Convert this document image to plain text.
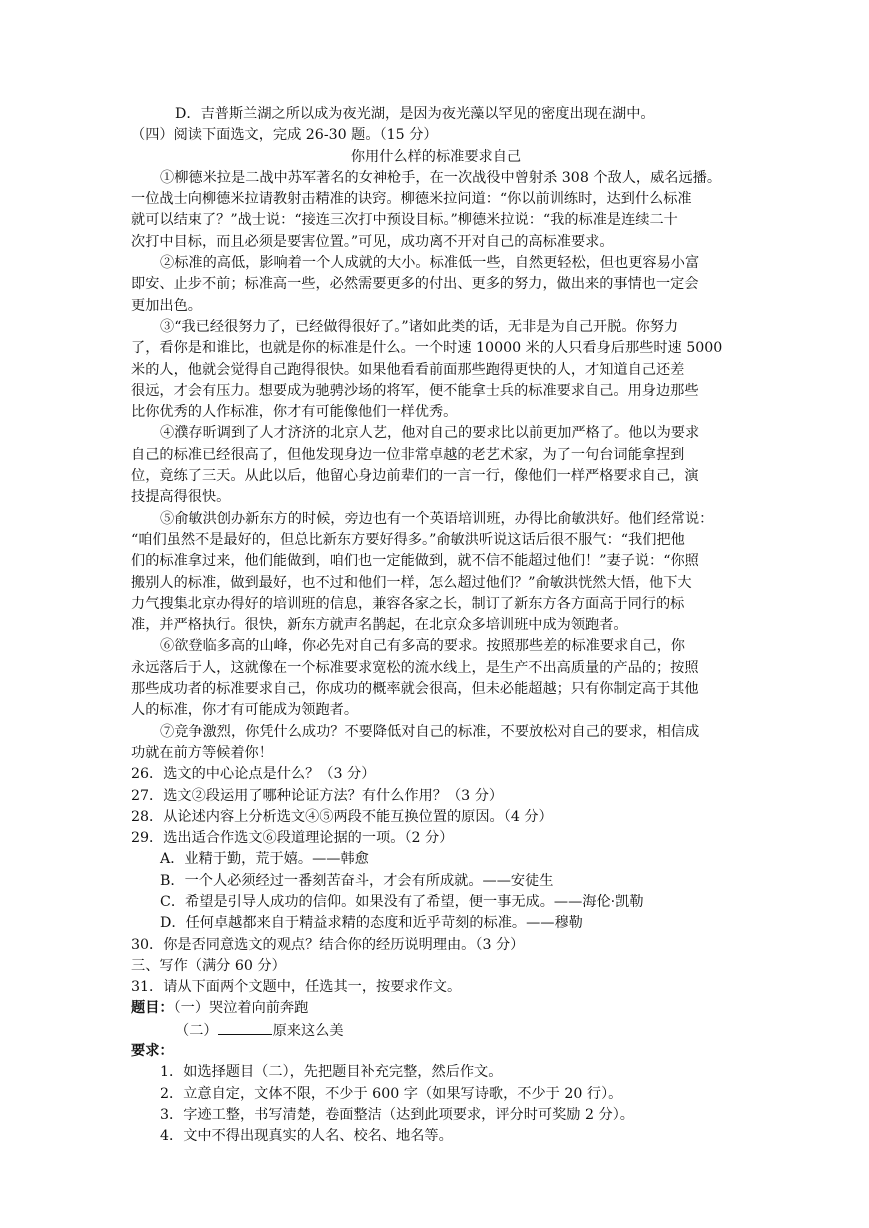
D．吉普斯兰湖之所以成为夜光湖，是因为夜光藻以罕见的密度出现在湖中。
（四）阅读下面选文，完成 26-30 题。（15 分）
你用什么样的标准要求自己
①柳德米拉是二战中苏军著名的女神枪手，在一次战役中曾射杀 308 个敌人，威名远播。
一位战士向柳德米拉请教射击精准的诀窍。柳德米拉问道：“你以前训练时，达到什么标准
就可以结束了？”战士说：“接连三次打中预设目标。”柳德米拉说：“我的标准是连续二十
次打中目标，而且必须是要害位置。”可见，成功离不开对自己的高标准要求。
②标准的高低，影响着一个人成就的大小。标准低一些，自然更轻松，但也更容易小富
即安、止步不前；标准高一些，必然需要更多的付出、更多的努力，做出来的事情也一定会
更加出色。
③“我已经很努力了，已经做得很好了。”诸如此类的话，无非是为自己开脱。你努力
了，看你是和谁比，也就是你的标准是什么。一个时速 10000 米的人只看身后那些时速 5000
米的人，他就会觉得自己跑得很快。如果他看看前面那些跑得更快的人，才知道自己还差
很远，才会有压力。想要成为驰骋沙场的将军，便不能拿士兵的标准要求自己。用身边那些
比你优秀的人作标准，你才有可能像他们一样优秀。
④濮存昕调到了人才济济的北京人艺，他对自己的要求比以前更加严格了。他以为要求
自己的标准已经很高了，但他发现身边一位非常卓越的老艺术家，为了一句台词能拿捏到
位，竟练了三天。从此以后，他留心身边前辈们的一言一行，像他们一样严格要求自己，演
技提高得很快。
⑤俞敏洪创办新东方的时候，旁边也有一个英语培训班，办得比俞敏洪好。他们经常说：
“咱们虽然不是最好的，但总比新东方要好得多。”俞敏洪听说这话后很不服气：“我们把他
们的标准拿过来，他们能做到，咱们也一定能做到，就不信不能超过他们！”妻子说：“你照
搬别人的标准，做到最好，也不过和他们一样，怎么超过他们？”俞敏洪恍然大悟，他下大
力气搜集北京办得好的培训班的信息，兼容各家之长，制订了新东方各方面高于同行的标
准，并严格执行。很快，新东方就声名鹊起，在北京众多培训班中成为领跑者。
⑥欲登临多高的山峰，你必先对自己有多高的要求。按照那些差的标准要求自己，你
永远落后于人，这就像在一个标准要求宽松的流水线上，是生产不出高质量的产品的；按照
那些成功者的标准要求自己，你成功的概率就会很高，但未必能超越；只有你制定高于其他
人的标准，你才有可能成为领跑者。
⑦竞争激烈，你凭什么成功？不要降低对自己的标准，不要放松对自己的要求，相信成
功就在前方等候着你！
26．选文的中心论点是什么？（3 分）
27．选文②段运用了哪种论证方法？有什么作用？（3 分）
28．从论述内容上分析选文④⑤两段不能互换位置的原因。（4 分）
29．选出适合作选文⑥段道理论据的一项。（2 分）
A．业精于勤，荒于嬉。——韩愈
B．一个人必须经过一番刻苦奋斗，才会有所成就。——安徒生
C．希望是引导人成功的信仰。如果没有了希望，便一事无成。——海伦·凯勒
D．任何卓越都来自于精益求精的态度和近乎苛刻的标准。——穆勒
30．你是否同意选文的观点？结合你的经历说明理由。（3 分）
三、写作（满分 60 分）
31．请从下面两个文题中，任选其一，按要求作文。
题目：（一）哭泣着向前奔跑
（二）	原来这么美
要求：
1．如选择题目（二），先把题目补充完整，然后作文。
2．立意自定，文体不限，不少于 600 字（如果写诗歌，不少于 20 行）。
3．字迹工整，书写清楚，卷面整洁（达到此项要求，评分时可奖励 2 分）。
4．文中不得出现真实的人名、校名、地名等。
